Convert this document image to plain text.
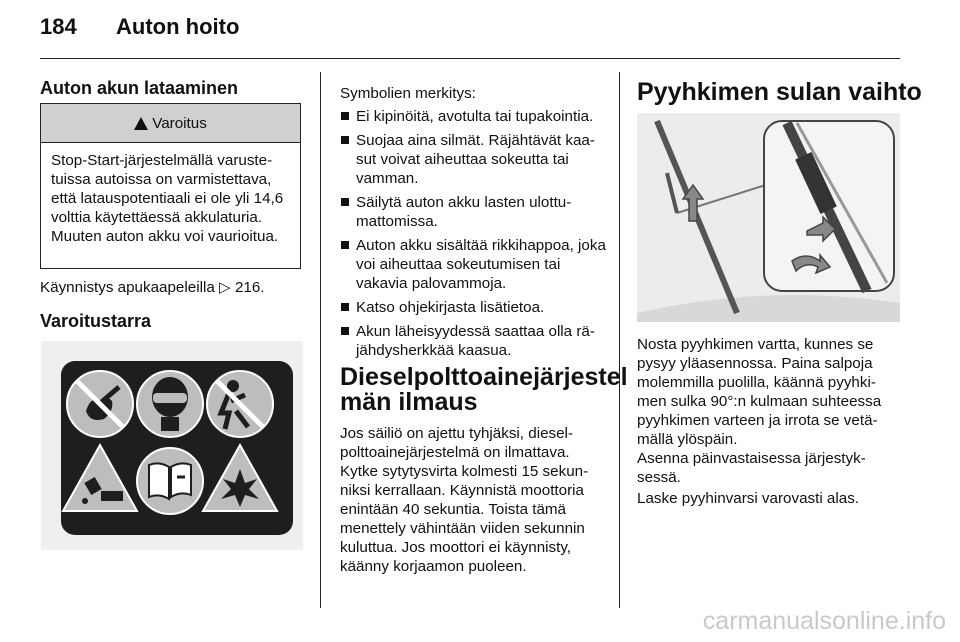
184 Auton hoito
Auton akun lataaminen
Varoitus
Stop-Start-järjestelmällä varustetuissa autoissa on varmistettava, että latauspotentiaali ei ole yli 14,6 volttia käytettäessä akkulaturia. Muuten auton akku voi vaurioitua.
Käynnistys apukaapeleilla ▷ 216.
Varoitustarra
Symbolien merkitys:
Ei kipinöitä, avotulta tai tupakointia.
Suojaa aina silmät. Räjähtävät kaasut voivat aiheuttaa sokeutta tai vamman.
Säilytä auton akku lasten ulottumattomissa.
Auton akku sisältää rikkihappoa, joka voi aiheuttaa sokeutumisen tai vakavia palovammoja.
Katso ohjekirjasta lisätietoa.
Akun läheisyydessä saattaa olla räjähdysherkkää kaasua.
Dieselpolttoainejärjestel
män ilmaus
Jos säiliö on ajettu tyhjäksi, dieselpolttoainejärjestelmä on ilmattava. Kytke sytytysvirta kolmesti 15 sekunniksi kerrallaan. Käynnistä moottoria enintään 40 sekuntia. Toista tämä menettely vähintään viiden sekunnin kuluttua. Jos moottori ei käynnisty, käänny korjaamon puoleen.
Pyyhkimen sulan vaihto
Nosta pyyhkimen vartta, kunnes se pysyy yläasennossa. Paina salpoja molemmilla puolilla, käännä pyyhkimen sulka 90°:n kulmaan suhteessa pyyhkimen varteen ja irrota se vetämällä ylöspäin.
Asenna päinvastaisessa järjestyksessä.
Laske pyyhinvarsi varovasti alas.
carmanualsonline.info
